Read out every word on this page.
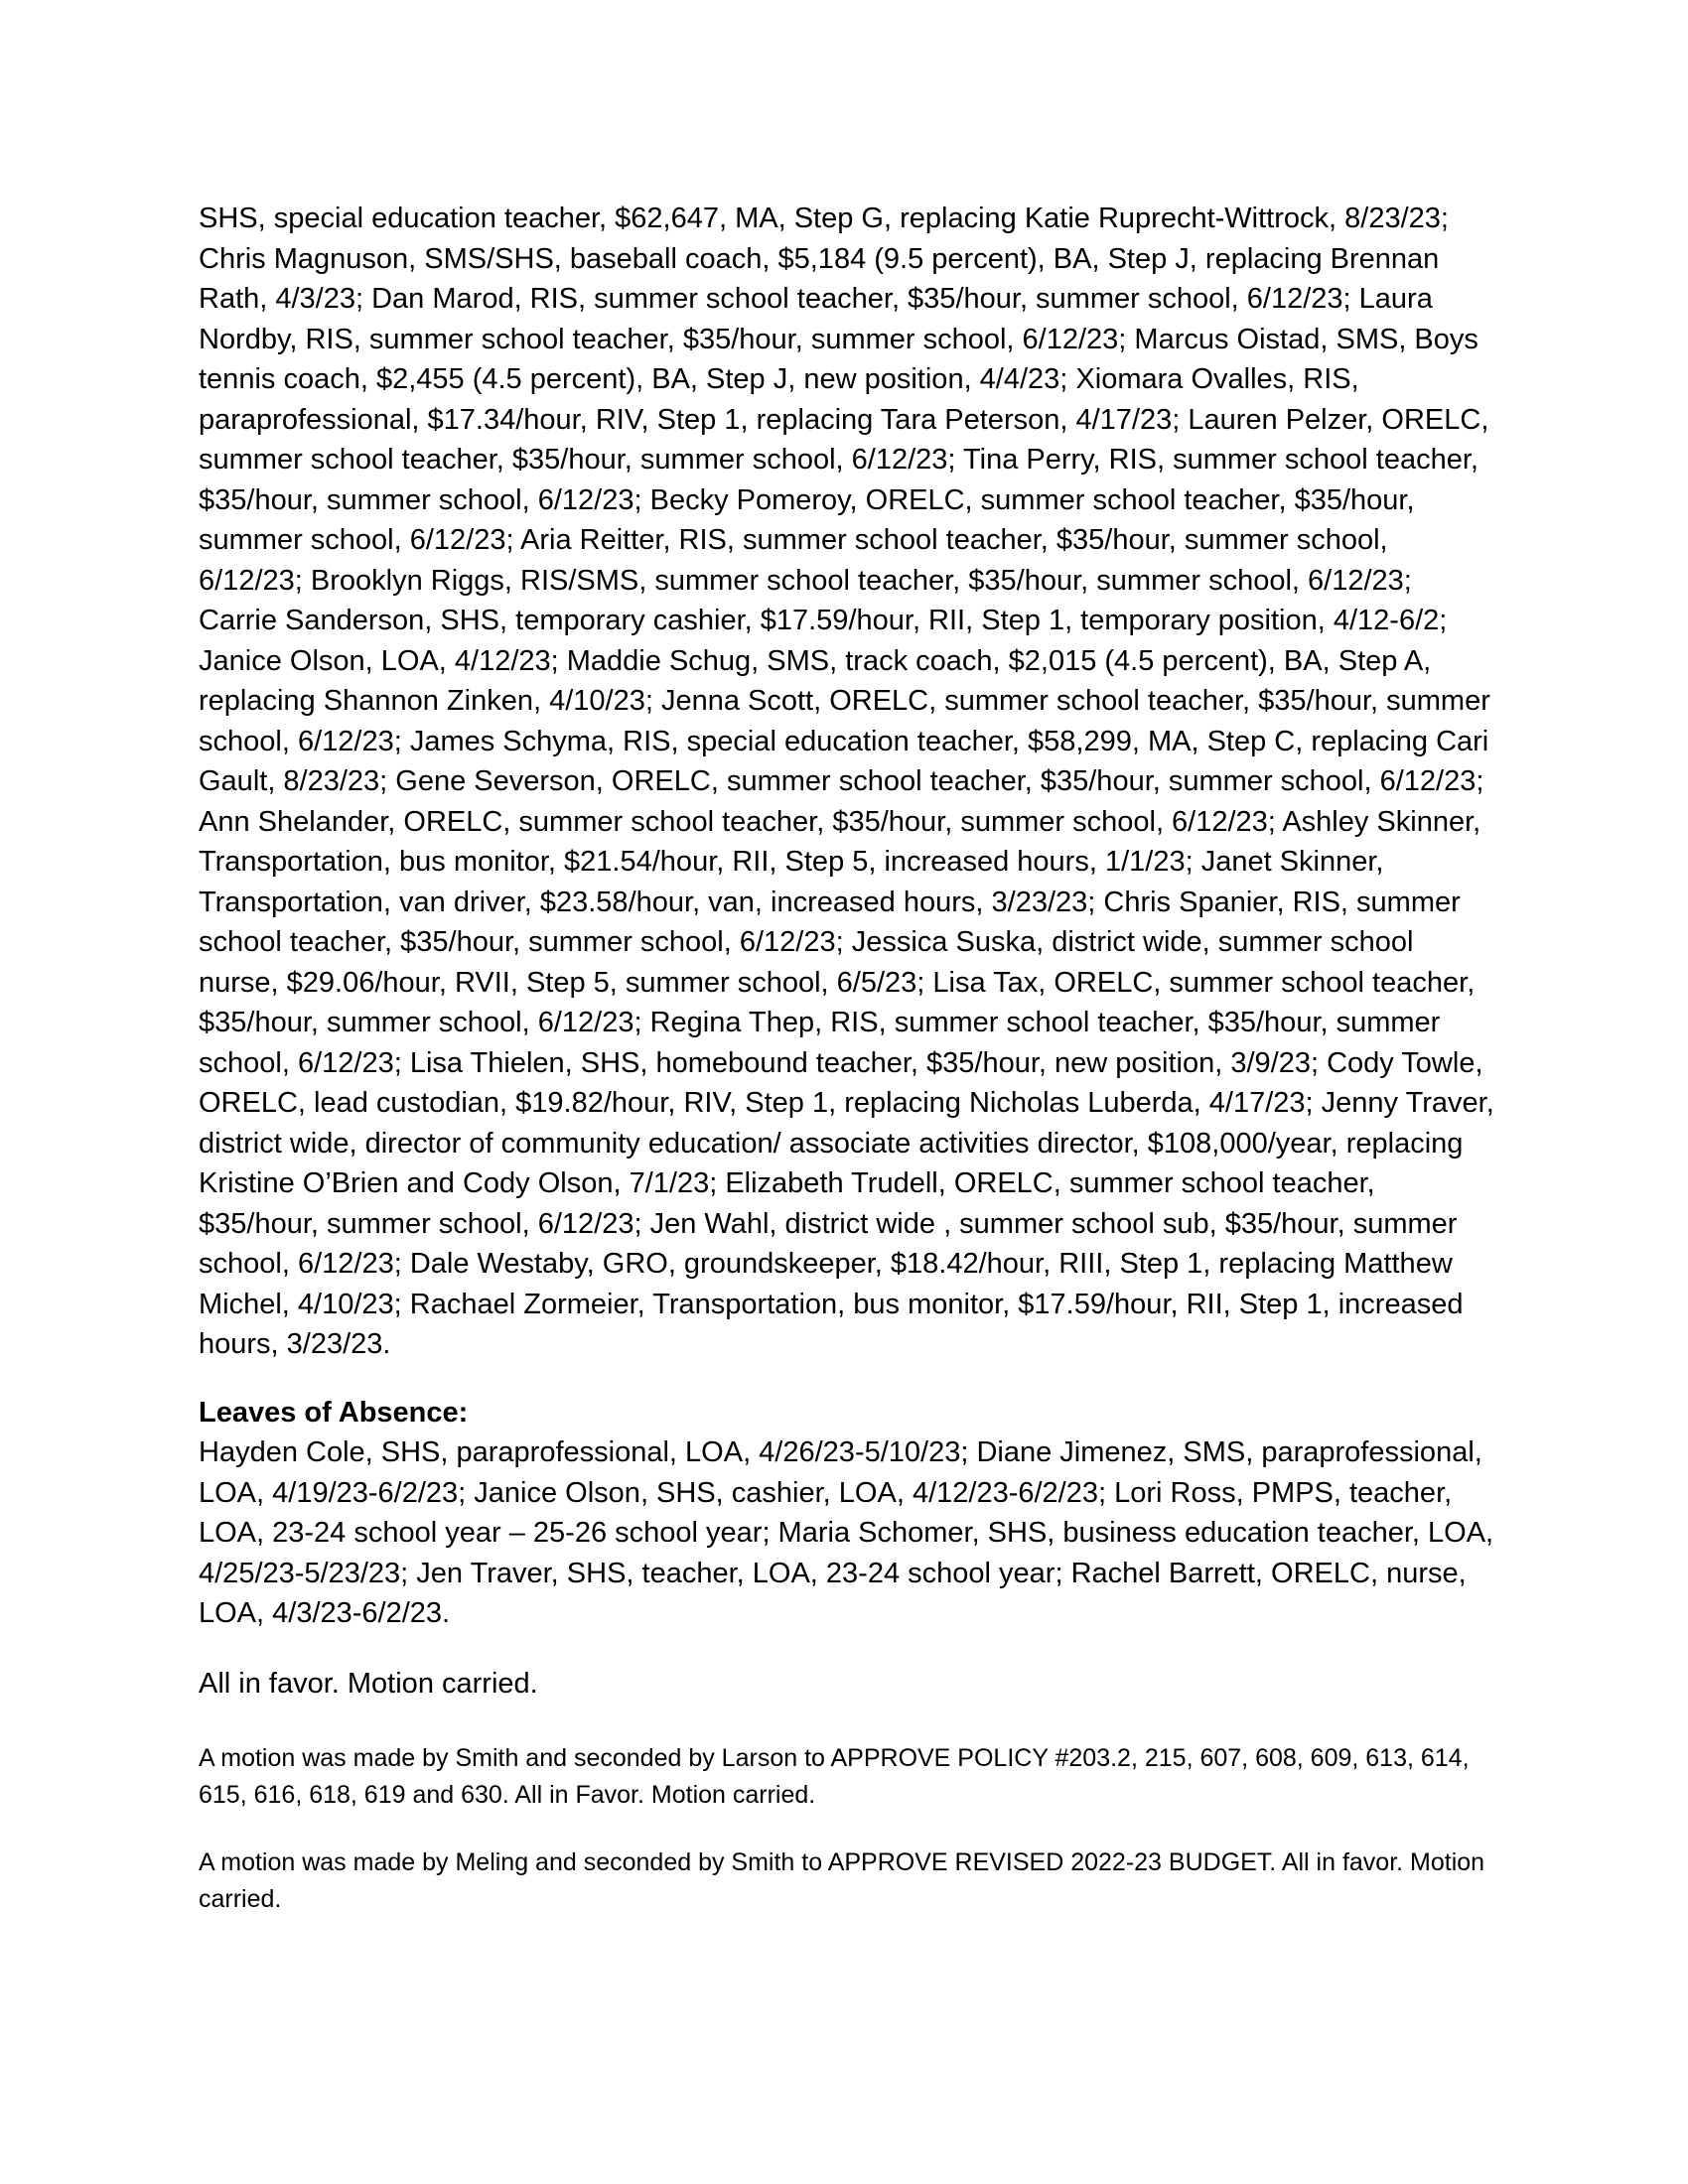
SHS, special education teacher, $62,647, MA, Step G, replacing Katie Ruprecht-Wittrock, 8/23/23; Chris Magnuson, SMS/SHS, baseball coach, $5,184 (9.5 percent), BA, Step J, replacing Brennan Rath, 4/3/23; Dan Marod, RIS, summer school teacher, $35/hour, summer school, 6/12/23; Laura Nordby, RIS, summer school teacher, $35/hour, summer school, 6/12/23; Marcus Oistad, SMS, Boys tennis coach, $2,455 (4.5 percent), BA, Step J, new position, 4/4/23; Xiomara Ovalles, RIS, paraprofessional, $17.34/hour, RIV, Step 1, replacing Tara Peterson, 4/17/23; Lauren Pelzer, ORELC, summer school teacher, $35/hour, summer school, 6/12/23; Tina Perry, RIS, summer school teacher, $35/hour, summer school, 6/12/23; Becky Pomeroy, ORELC, summer school teacher, $35/hour, summer school, 6/12/23; Aria Reitter, RIS, summer school teacher, $35/hour, summer school, 6/12/23; Brooklyn Riggs, RIS/SMS, summer school teacher, $35/hour, summer school, 6/12/23; Carrie Sanderson, SHS, temporary cashier, $17.59/hour, RII, Step 1, temporary position, 4/12-6/2; Janice Olson, LOA, 4/12/23; Maddie Schug, SMS, track coach, $2,015 (4.5 percent), BA, Step A, replacing Shannon Zinken, 4/10/23; Jenna Scott, ORELC, summer school teacher, $35/hour, summer school, 6/12/23; James Schyma, RIS, special education teacher, $58,299, MA, Step C, replacing Cari Gault, 8/23/23; Gene Severson, ORELC, summer school teacher, $35/hour, summer school, 6/12/23; Ann Shelander, ORELC, summer school teacher, $35/hour, summer school, 6/12/23; Ashley Skinner, Transportation, bus monitor, $21.54/hour, RII, Step 5, increased hours, 1/1/23; Janet Skinner, Transportation, van driver, $23.58/hour, van, increased hours, 3/23/23; Chris Spanier, RIS, summer school teacher, $35/hour, summer school, 6/12/23; Jessica Suska, district wide, summer school nurse, $29.06/hour, RVII, Step 5, summer school, 6/5/23; Lisa Tax, ORELC, summer school teacher, $35/hour, summer school, 6/12/23; Regina Thep, RIS, summer school teacher, $35/hour, summer school, 6/12/23; Lisa Thielen, SHS, homebound teacher, $35/hour, new position, 3/9/23; Cody Towle, ORELC, lead custodian, $19.82/hour, RIV, Step 1, replacing Nicholas Luberda, 4/17/23; Jenny Traver, district wide, director of community education/ associate activities director, $108,000/year, replacing Kristine O’Brien and Cody Olson, 7/1/23; Elizabeth Trudell, ORELC, summer school teacher, $35/hour, summer school, 6/12/23; Jen Wahl, district wide , summer school sub, $35/hour, summer school, 6/12/23; Dale Westaby, GRO, groundskeeper, $18.42/hour, RIII, Step 1, replacing Matthew Michel, 4/10/23; Rachael Zormeier, Transportation, bus monitor, $17.59/hour, RII, Step 1, increased hours, 3/23/23.

Leaves of Absence:

Hayden Cole, SHS, paraprofessional, LOA, 4/26/23-5/10/23; Diane Jimenez, SMS, paraprofessional, LOA, 4/19/23-6/2/23; Janice Olson, SHS, cashier, LOA, 4/12/23-6/2/23; Lori Ross, PMPS, teacher, LOA, 23-24 school year – 25-26 school year; Maria Schomer, SHS, business education teacher, LOA, 4/25/23-5/23/23; Jen Traver, SHS, teacher, LOA, 23-24 school year; Rachel Barrett, ORELC, nurse, LOA, 4/3/23-6/2/23.

All in favor. Motion carried.

A motion was made by Smith and seconded by Larson to APPROVE POLICY #203.2, 215, 607, 608, 609, 613, 614, 615, 616, 618, 619 and 630. All in Favor. Motion carried.

A motion was made by Meling and seconded by Smith to APPROVE REVISED 2022-23 BUDGET. All in favor. Motion carried.
